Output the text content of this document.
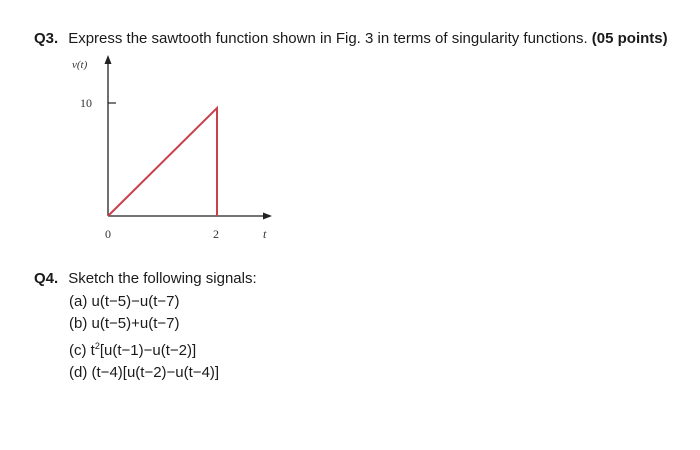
Q3. Express the sawtooth function shown in Fig. 3 in terms of singularity functions. (05 points)
v(t)
10
0	2	t
Q4. Sketch the following signals:
(a) u(t−5)−u(t−7)
(b) u(t−5)+u(t−7)
(c) $t^2[u(t-1)-u(t-2)]$
(d) (t−4)[u(t−2)−u(t−4)]
